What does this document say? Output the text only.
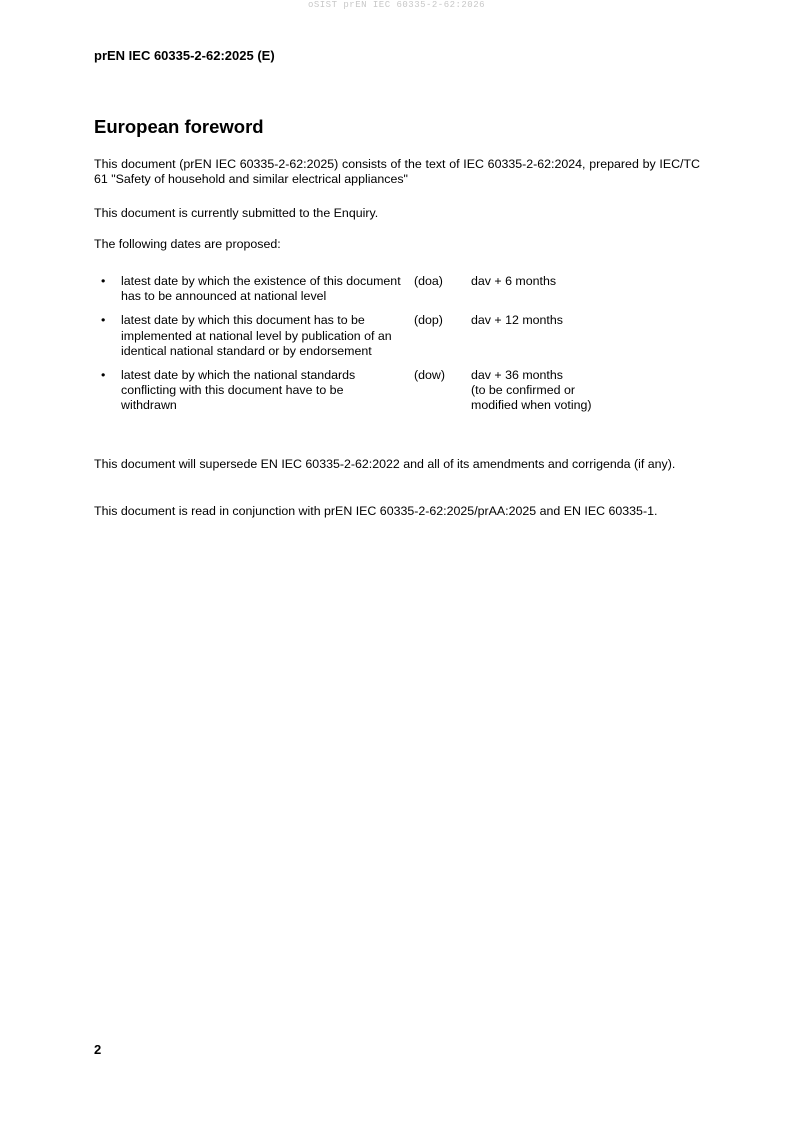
oSIST prEN IEC 60335-2-62:2026
prEN IEC 60335-2-62:2025 (E)
European foreword
This document (prEN IEC 60335-2-62:2025) consists of the text of IEC 60335-2-62:2024, prepared by IEC/TC 61 "Safety of household and similar electrical appliances"
This document is currently submitted to the Enquiry.
The following dates are proposed:
• latest date by which the existence of this document has to be announced at national level
(doa) dav + 6 months
• latest date by which this document has to be implemented at national level by publication of an identical national standard or by endorsement
(dop) dav + 12 months
• latest date by which the national standards conflicting with this document have to be withdrawn
(dow) dav + 36 months
(to be confirmed or
modified when voting)
This document will supersede EN IEC 60335-2-62:2022 and all of its amendments and corrigenda (if any).
This document is read in conjunction with prEN IEC 60335-2-62:2025/prAA:2025 and EN IEC 60335-1.
2
